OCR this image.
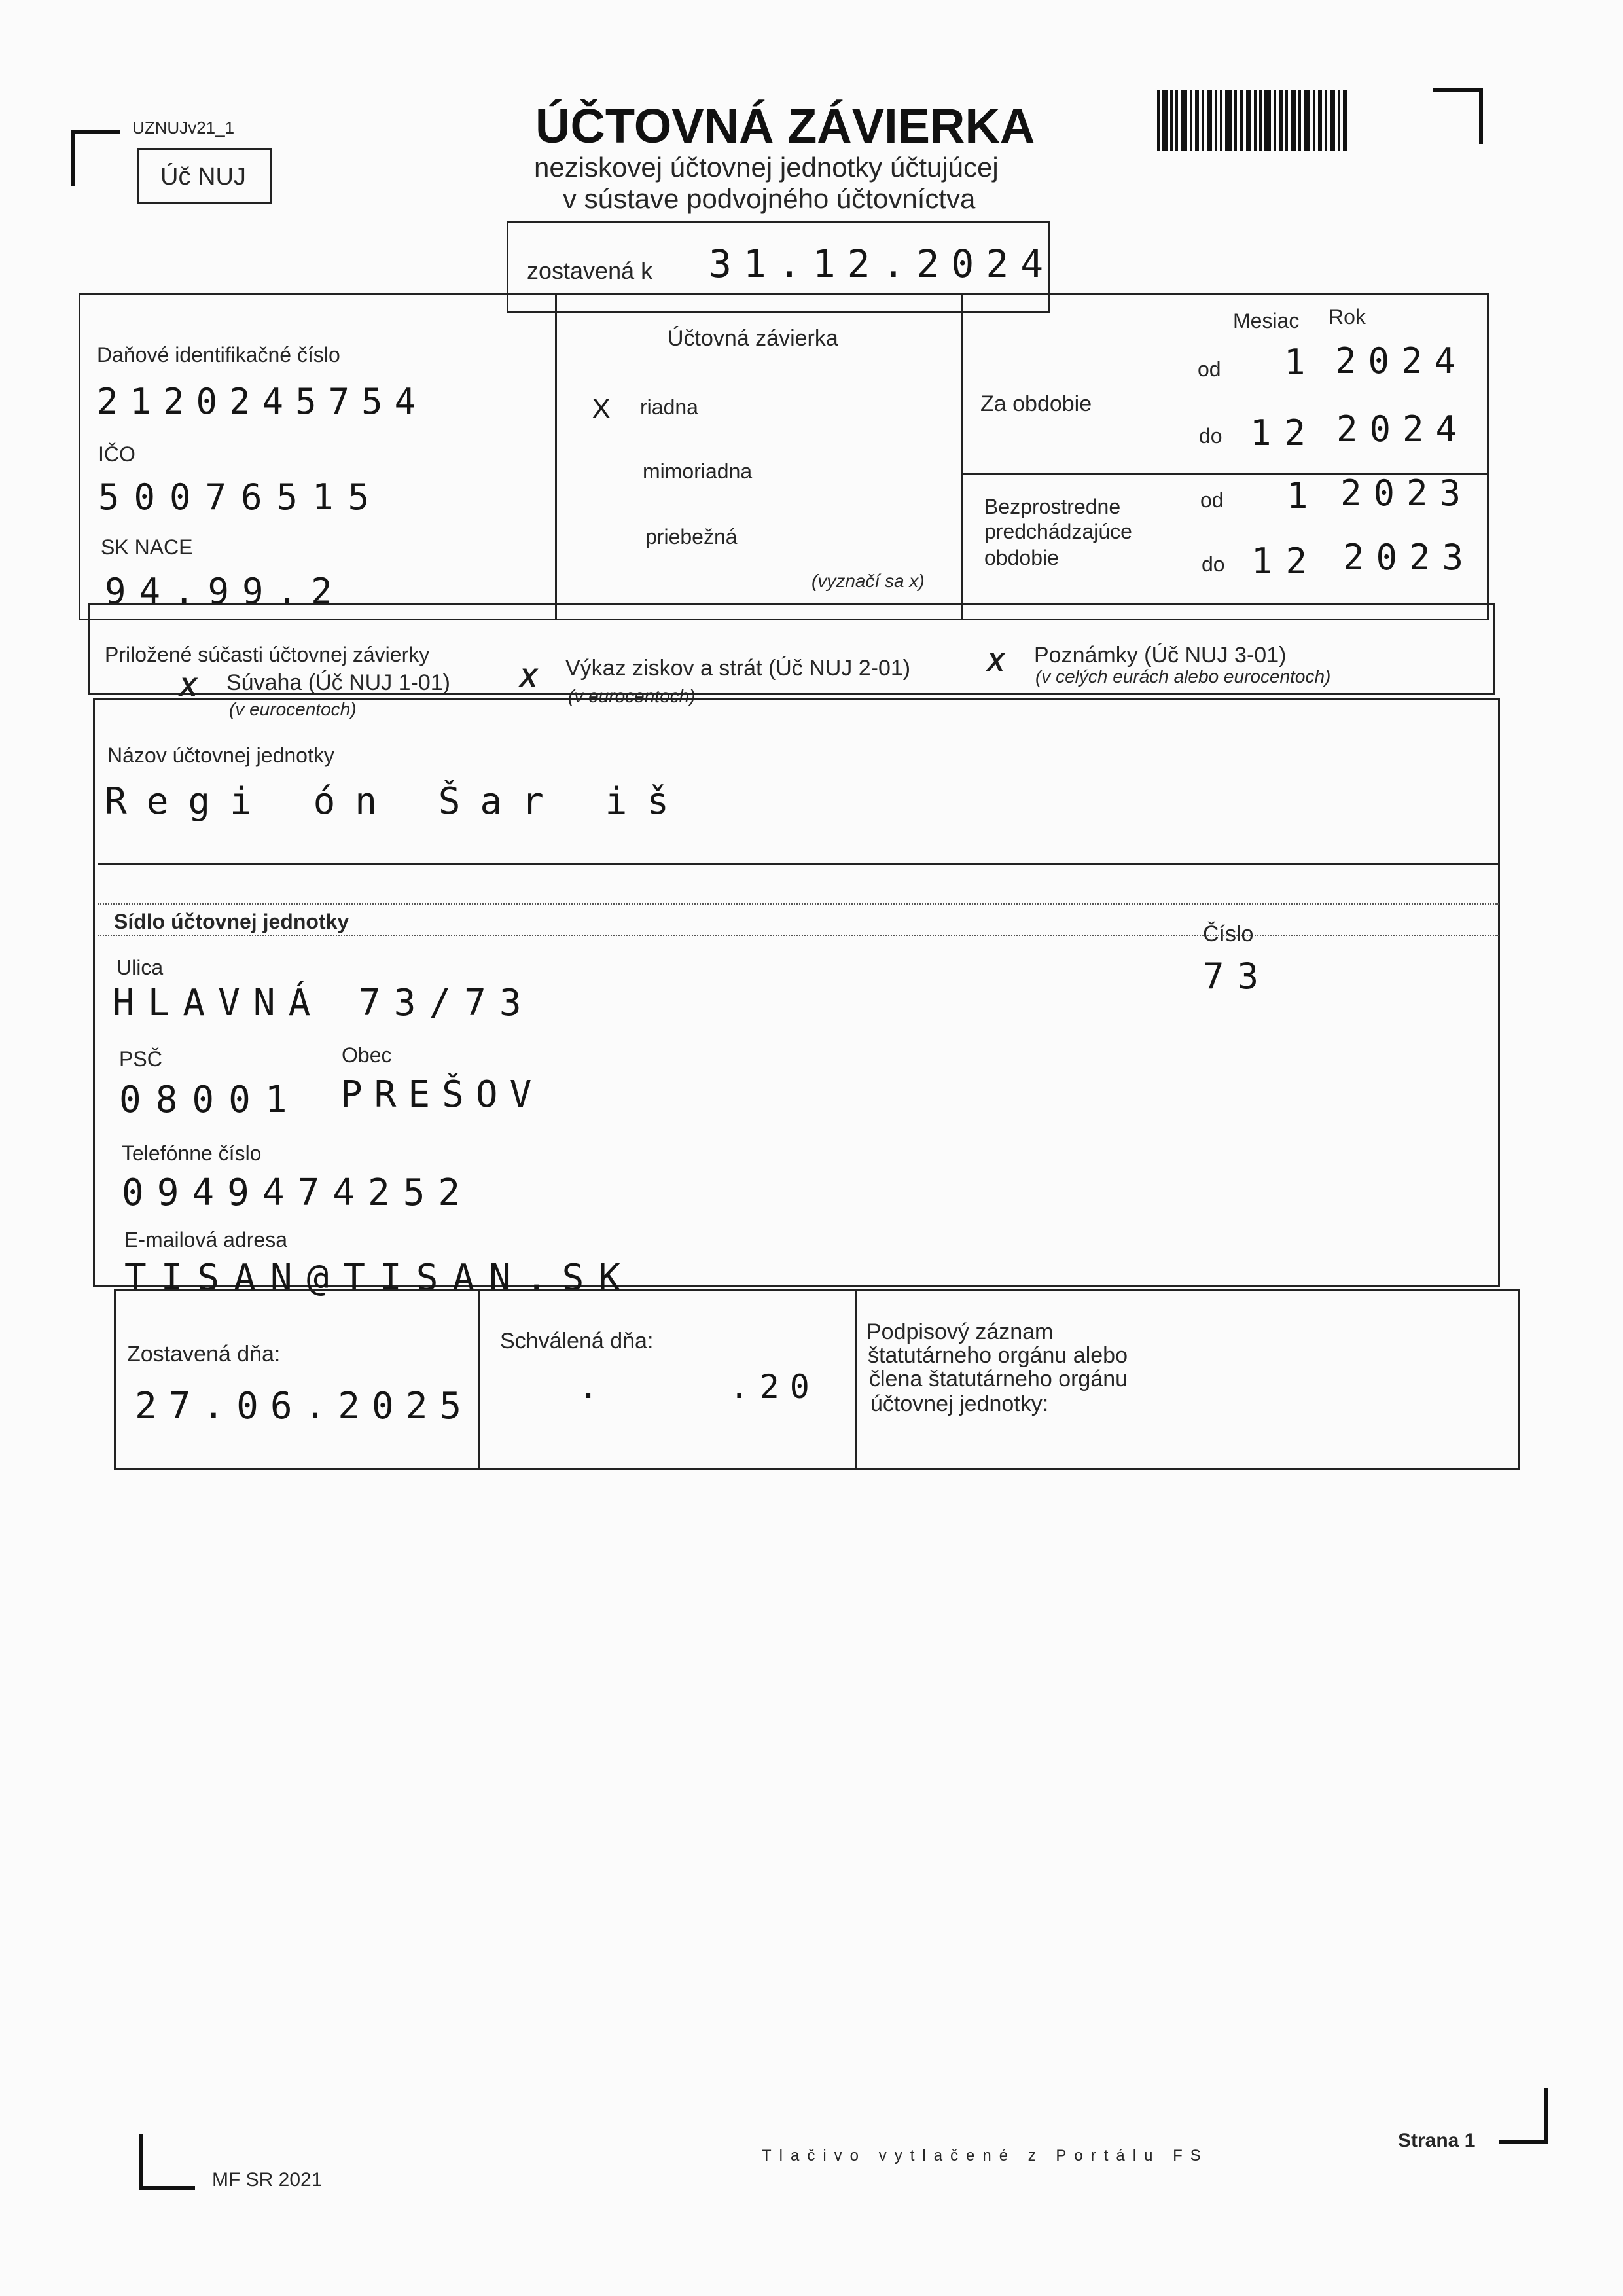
UZNUJv21_1
Úč NUJ
ÚČTOVNÁ ZÁVIERKA
neziskovej účtovnej jednotky účtujúcej
v sústave podvojného účtovníctva
zostavená k 31.12.2024
Daňové identifikačné číslo
2120245754
IČO
50076515
SK NACE
94.99.2
Účtovná závierka
X riadna
mimoriadna
priebežná
(vyznačí sa x)
Mesiac Rok
Za obdobie
od 1 2024
do 12 2024
Bezprostredne
predchádzajúce
obdobie
od 1 2023
do 12 2023
Priložené súčasti účtovnej závierky
X Súvaha (Úč NUJ 1-01)
(v eurocentoch)
X Výkaz ziskov a strát (Úč NUJ 2-01)
(v eurocentoch)
X Poznámky (Úč NUJ 3-01)
(v celých eurách alebo eurocentoch)
Názov účtovnej jednotky
Regi ón Šar iš
Sídlo účtovnej jednotky
Ulica
HLAVNÁ 73/73
Číslo
73
PSČ
08001
Obec
PREŠOV
Telefónne číslo
0949474252
E-mailová adresa
TISAN@TISAN.SK
Zostavená dňa:
27.06.2025
Schválená dňa:
.    .20
Podpisový záznam
štatutárneho orgánu alebo
člena štatutárneho orgánu
účtovnej jednotky:
Tlačivo vytlačené z Portálu FS
Strana 1
MF SR 2021
